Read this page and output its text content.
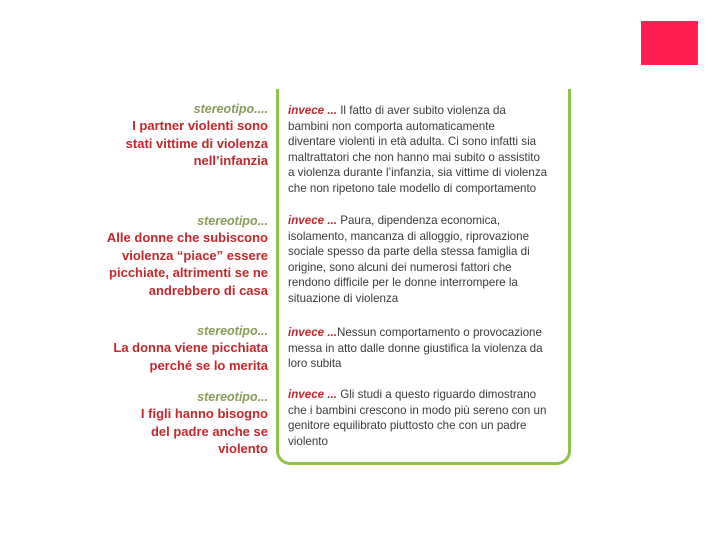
stereotipo....
I partner violenti sono
stati vittime di violenza
nell’infanzia
stereotipo...
Alle donne che subiscono
violenza “piace” essere
picchiate, altrimenti se ne
andrebbero di casa
stereotipo...
La donna viene picchiata
perché se lo merita
stereotipo...
I figli hanno bisogno
del padre anche se
violento
invece ... Il fatto di aver subito violenza da
bambini non comporta automaticamente
diventare violenti in età adulta. Ci sono infatti sia
maltrattatori che non hanno mai subito o assistito
a violenza durante l’infanzia, sia vittime di violenza
che non ripetono tale modello di comportamento
invece ... Paura, dipendenza economica,
isolamento, mancanza di alloggio, riprovazione
sociale spesso da parte della stessa famiglia di
origine, sono alcuni dei numerosi fattori che
rendono difficile per le donne interrompere la
situazione di violenza
invece ...Nessun comportamento o provocazione
messa in atto dalle donne giustifica la violenza da
loro subita
invece ... Gli studi a questo riguardo dimostrano
che i bambini crescono in modo più sereno con un
genitore equilibrato piuttosto che con un padre
violento
